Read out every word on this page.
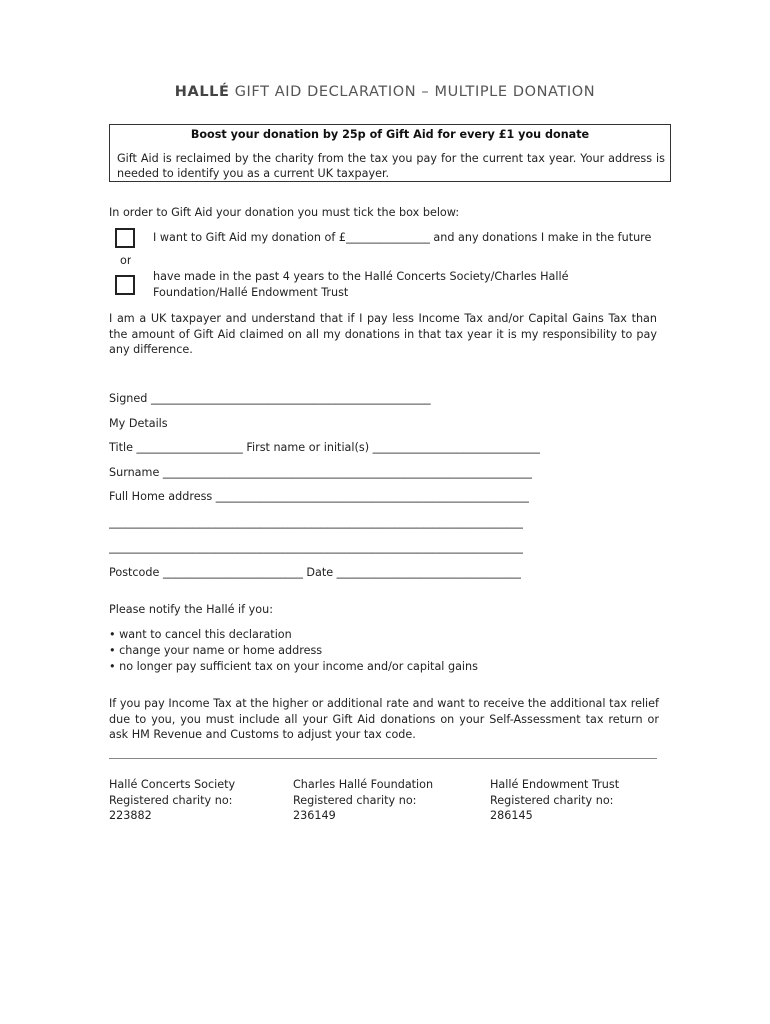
HALLÉ GIFT AID DECLARATION – MULTIPLE DONATION
Boost your donation by 25p of Gift Aid for every £1 you donate
Gift Aid is reclaimed by the charity from the tax you pay for the current tax year. Your address is needed to identify you as a current UK taxpayer.
In order to Gift Aid your donation you must tick the box below:
I want to Gift Aid my donation of £_______________ and any donations I make in the future
or
have made in the past 4 years to the Hallé Concerts Society/Charles Hallé Foundation/Hallé Endowment Trust
I am a UK taxpayer and understand that if I pay less Income Tax and/or Capital Gains Tax than the amount of Gift Aid claimed on all my donations in that tax year it is my responsibility to pay any difference.
Signed __________________________________________________
My Details
Title ___________________ First name or initial(s) ______________________________
Surname __________________________________________________________________
Full Home address ________________________________________________________
__________________________________________________________________________
__________________________________________________________________________
Postcode _________________________ Date _________________________________
Please notify the Hallé if you:
• want to cancel this declaration
• change your name or home address
• no longer pay sufficient tax on your income and/or capital gains
If you pay Income Tax at the higher or additional rate and want to receive the additional tax relief due to you, you must include all your Gift Aid donations on your Self-Assessment tax return or ask HM Revenue and Customs to adjust your tax code.
Hallé Concerts Society
Registered charity no:
223882
Charles Hallé Foundation
Registered charity no:
236149
Hallé Endowment Trust
Registered charity no:
286145
